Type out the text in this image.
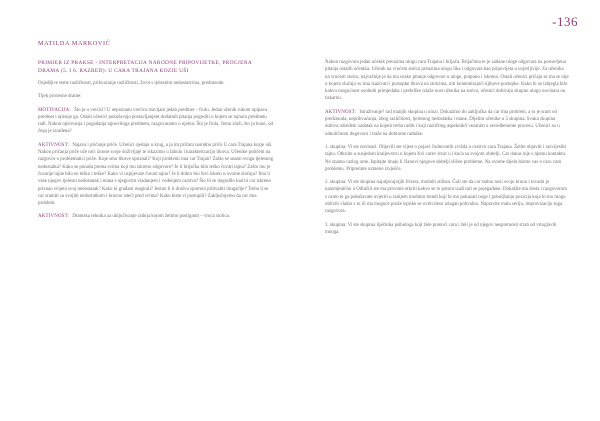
-136
MATILDA MARKOVIĆ
PRIMJER IZ PRAKSE - INTERPRETACIJA NARODNE PRIPOVIJETKE, PROCJENA
DRAMA (5. I 6. RAZRED): U CARA TRAJANA KOZJE UŠI

Osjedljive teme različitosti, prihvaćanje različitosti, život s tjelesnim nedostatcima, predrasude.

Tijek procesne drame:

MOTIVACIJA: Što je u vrećici? U nepoznatu vrećicu stavljam jedan predmet – frulu. Jedan učenik rukom opipava predmet i opisuje ga. Ostali učenici pokušavaju postavljanjem dodatnih pitanja pogoditi o kojem se tajnom predmetu radi. Nakon opisivanja i pogađanja tajnovitoga predmeta, razgovaramo o njemu. Što je frula, čemu služi, što ju krasi, od čega je izrađena?

AKTIVNOST: Najava i pričanje priče. Učenici sjedaju u krug, a ja im pričam narodnu priču U cara Trajana kozje uši. Nakon pričanja priče uče nici iznose svoje doživljaje te iskazimo u fabulu i karakterizaciju likova. Učenike potičem na razgovor o problematici priče. Koje smo likove upoznali? Koji problemi ima car Trajan? Zašto se snami svoga tjelesnog nedostatka? Kako se ponaša prema svima koji mu iskreno odgovore? Je li brijačka bilo teško čuvati tajnu? Zašto mu je čuvanje tajne bilo ne teško i teške? Kako vi uspijevate čuvati tajnu? Je li dobro bio bivi iskren u ovome slučaju? Ima li veze njegov tjelesni nedostatak i mana s njegovim vladanjem i vođenjem carstva? Što bi se dogodilo kad bi car iskreno priznao svijetu svoj nedostatak? Kako bi građani reagirali? Jesmo li ti drušvu spremni prihvatiti drugačije? Treba li se car sramiti sa svojim nedostatkom i bravno isteći pred svima? Kako biste vi postupili? Zaključujemo da car ima problem.

AKTIVNOST: Dramska tehnika za uključivanje radnja kojom želimo postignuti – vruća stolica.

Nakon razgovora jedan učenik preuzima ulogu cara Trajana i brijača. Brijačima te je zadane uloge odgovara na postavljena pitanja ostalih učenika. Učenik na vrućem stolcu preuzima ulogu lika i odgovara kao pripovijeta u uvjerljivije. Za učenika na vrućem stolcu, najvažnije je da ma svako pitanje odgovore u uloge, potpuno i iskreno. Ostali učenici pričaju se ma se nije u kojem slučaju su ima izazivati i postupke likova na stolcima, niti komentirajući njihove postupke. Kako bi se izbjegla bilo kakvu mogućnost osobnih primjedaba i prebrlike izlaže nost učenika na stolcu, učenici dobivaju skupnu ulogu novinara na tiskarnu.

AKTIVNOST: Istraživanje? rad manjih skupina u ulozi. Dokazimo do zaključka da car ima problem, a to je sram od predrasuda, neprihvaćanja, zbog različitosti, tjelesnog nedostatka i mane. Dijelim učenike u 5 skupina. Svaka skupina dobiva određeni zadatak na kojem treba raditi i koji različitog aspeknikli vezanim u sevedbenome procesu. Učenici su u odnoličnom dogovoru i traže na dobrome radnike.

1. skupina: Vi ste novinari. Objavili ste vijest o pojavi čudnovatih zvižda u carstvu cara Trajana. Želite objaviti i razvijesliti tajnu. Otkriite u susjedom kraljevstvu u kojem živi carev stvar u i kuća sa svojom obitelji. Car danas nije s njemu kontaktu. Ne znamo razlog ome. Ispitajte imaju li članovi njegove obitelji slične probleme. Na ovome dijelu bismo vas o caru vam problemu. Pripremite uzmeno izvješće.

2. skupina: Vi ste skupina najutjecajnijih frizera, modnih stilista. Čuli ste da car stalno nosi svoju krunu i tovami je naizmjenično u Odlučili ste ma privome otkriti kakvo se to potom izaživati se pojegađene. Dokažite ma dosta i razgovorom s caren te ga pokušavate uvjeriti u ranijem modnim trendi koji bi mu pokazati noge i poboljšanju pozicija koja bi mu mogu oblivih vladar s tu ili ma moguće pruže isprike se ovim tlesu izlagan pohvalno. Napravite malu seriju, improvizaciju toga razgovora.

3. skupina: Vi ste skupina liječnika psihologa koji žele pomoći caru i želi je od njegov nespretnosti strah od vrtoglavih mnoga.
